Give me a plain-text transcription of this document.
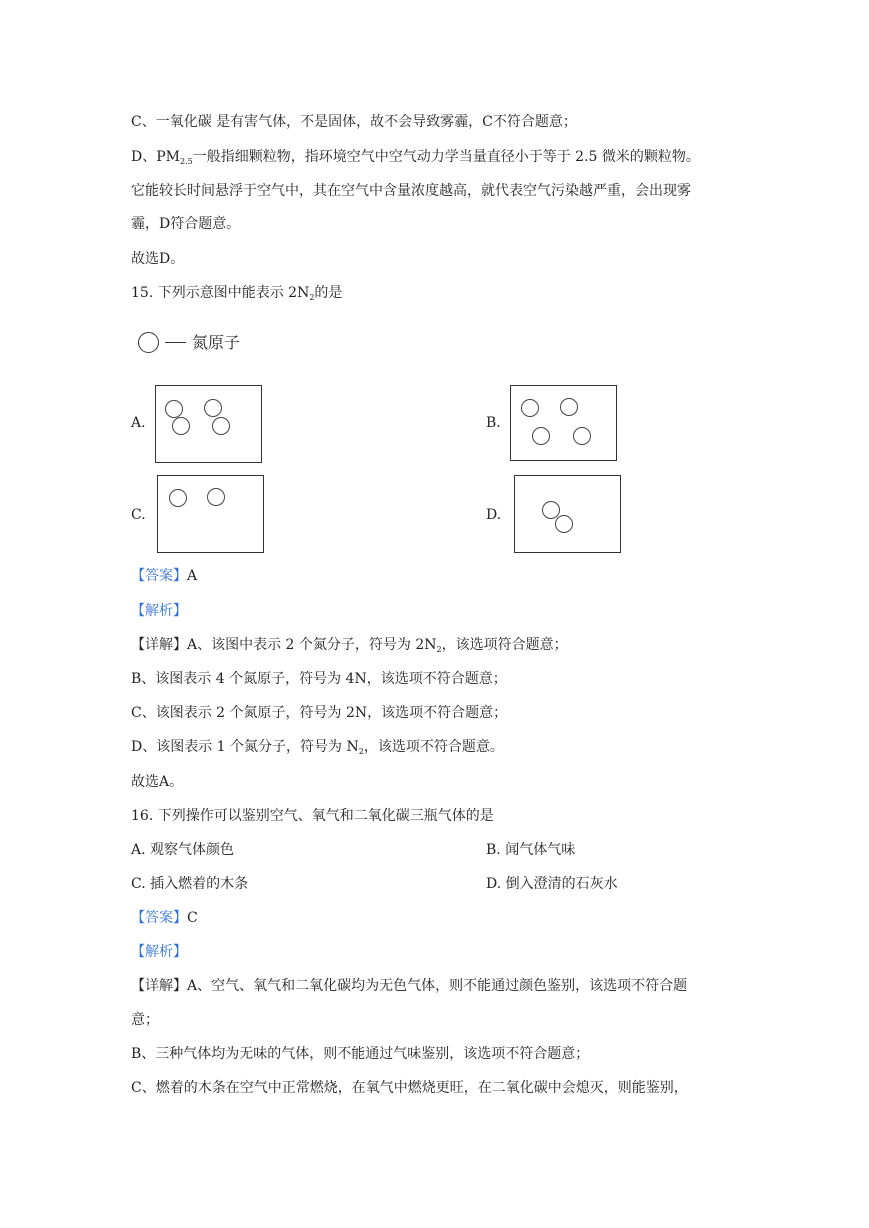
C、一氧化碳 是有害气体，不是固体，故不会导致雾霾，C不符合题意；
D、$PM_{2.5}$一般指细颗粒物，指环境空气中空气动力学当量直径小于等于 2.5 微米的颗粒物。
它能较长时间悬浮于空气中，其在空气中含量浓度越高，就代表空气污染越严重，会出现雾
霾，D符合题意。
故选D。
15. 下列示意图中能表示 $2N_2$的是
氮原子
A.	B.
C.	D.
【答案】A
【解析】
【详解】A、该图中表示 2 个氮分子，符号为 $2N_2$，该选项符合题意；
B、该图表示 4 个氮原子，符号为 4N，该选项不符合题意；
C、该图表示 2 个氮原子，符号为 2N，该选项不符合题意；
D、该图表示 1 个氮分子，符号为 $N_2$，该选项不符合题意。
故选A。
16. 下列操作可以鉴别空气、氧气和二氧化碳三瓶气体的是
A. 观察气体颜色	B. 闻气体气味
C. 插入燃着的木条	D. 倒入澄清的石灰水
【答案】C
【解析】
【详解】A、空气、氧气和二氧化碳均为无色气体，则不能通过颜色鉴别，该选项不符合题
意；
B、三种气体均为无味的气体，则不能通过气味鉴别，该选项不符合题意；
C、燃着的木条在空气中正常燃烧，在氧气中燃烧更旺，在二氧化碳中会熄灭，则能鉴别，
